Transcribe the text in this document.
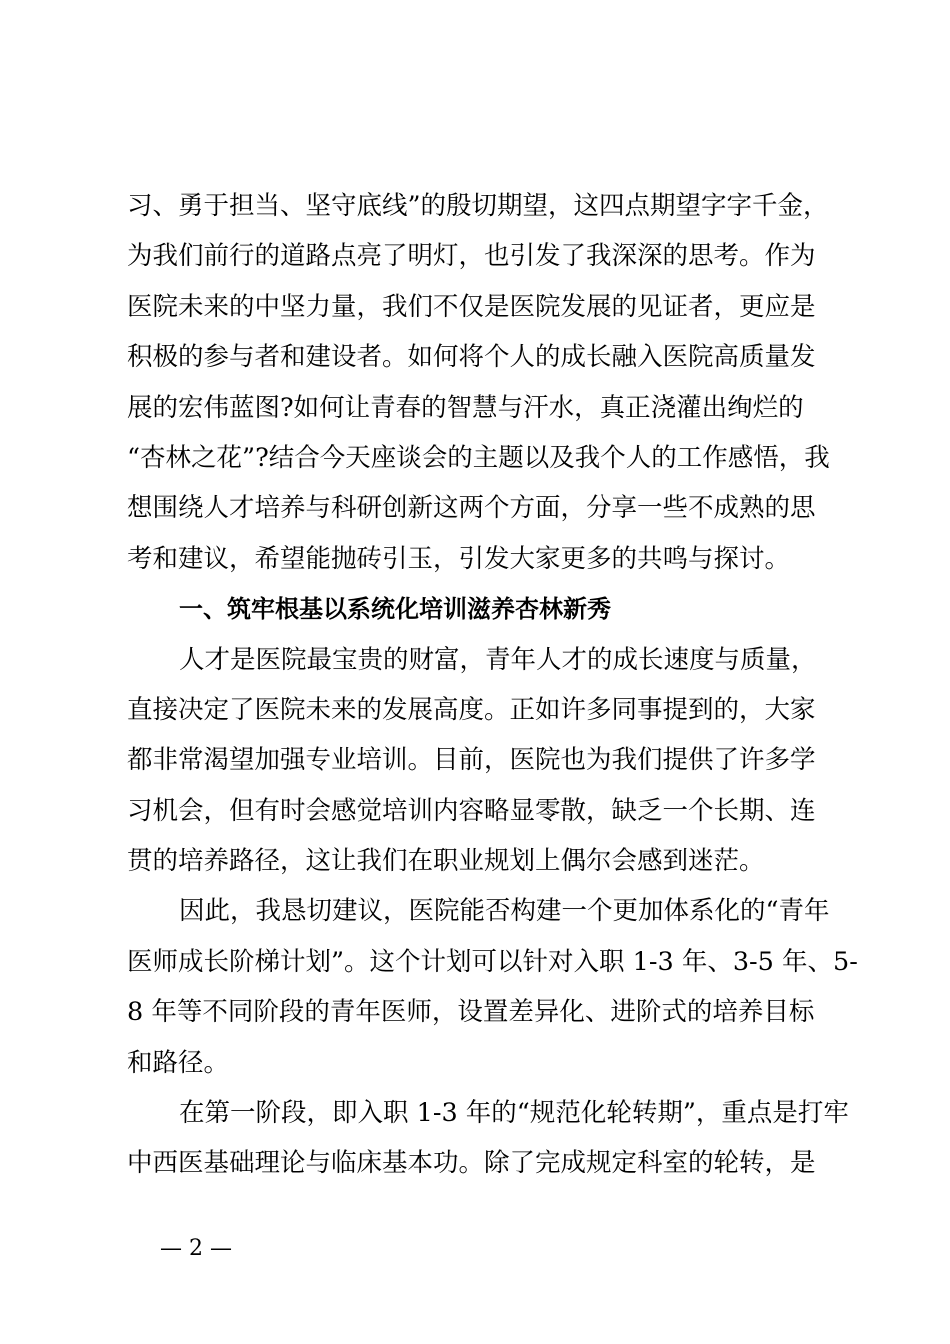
习、勇于担当、坚守底线”的殷切期望，这四点期望字字千金，
为我们前行的道路点亮了明灯，也引发了我深深的思考。作为
医院未来的中坚力量，我们不仅是医院发展的见证者，更应是
积极的参与者和建设者。如何将个人的成长融入医院高质量发
展的宏伟蓝图?如何让青春的智慧与汗水，真正浇灌出绚烂的
“杏林之花”?结合今天座谈会的主题以及我个人的工作感悟，我
想围绕人才培养与科研创新这两个方面，分享一些不成熟的思
考和建议，希望能抛砖引玉，引发大家更多的共鸣与探讨。
一、筑牢根基以系统化培训滋养杏林新秀
人才是医院最宝贵的财富，青年人才的成长速度与质量，
直接决定了医院未来的发展高度。正如许多同事提到的，大家
都非常渴望加强专业培训。目前，医院也为我们提供了许多学
习机会，但有时会感觉培训内容略显零散，缺乏一个长期、连
贯的培养路径，这让我们在职业规划上偶尔会感到迷茫。
因此，我恳切建议，医院能否构建一个更加体系化的“青年
医师成长阶梯计划”。这个计划可以针对入职 1-3 年、3-5 年、5-
8 年等不同阶段的青年医师，设置差异化、进阶式的培养目标
和路径。
在第一阶段，即入职 1-3 年的“规范化轮转期”，重点是打牢
中西医基础理论与临床基本功。除了完成规定科室的轮转，是
— 2 —
